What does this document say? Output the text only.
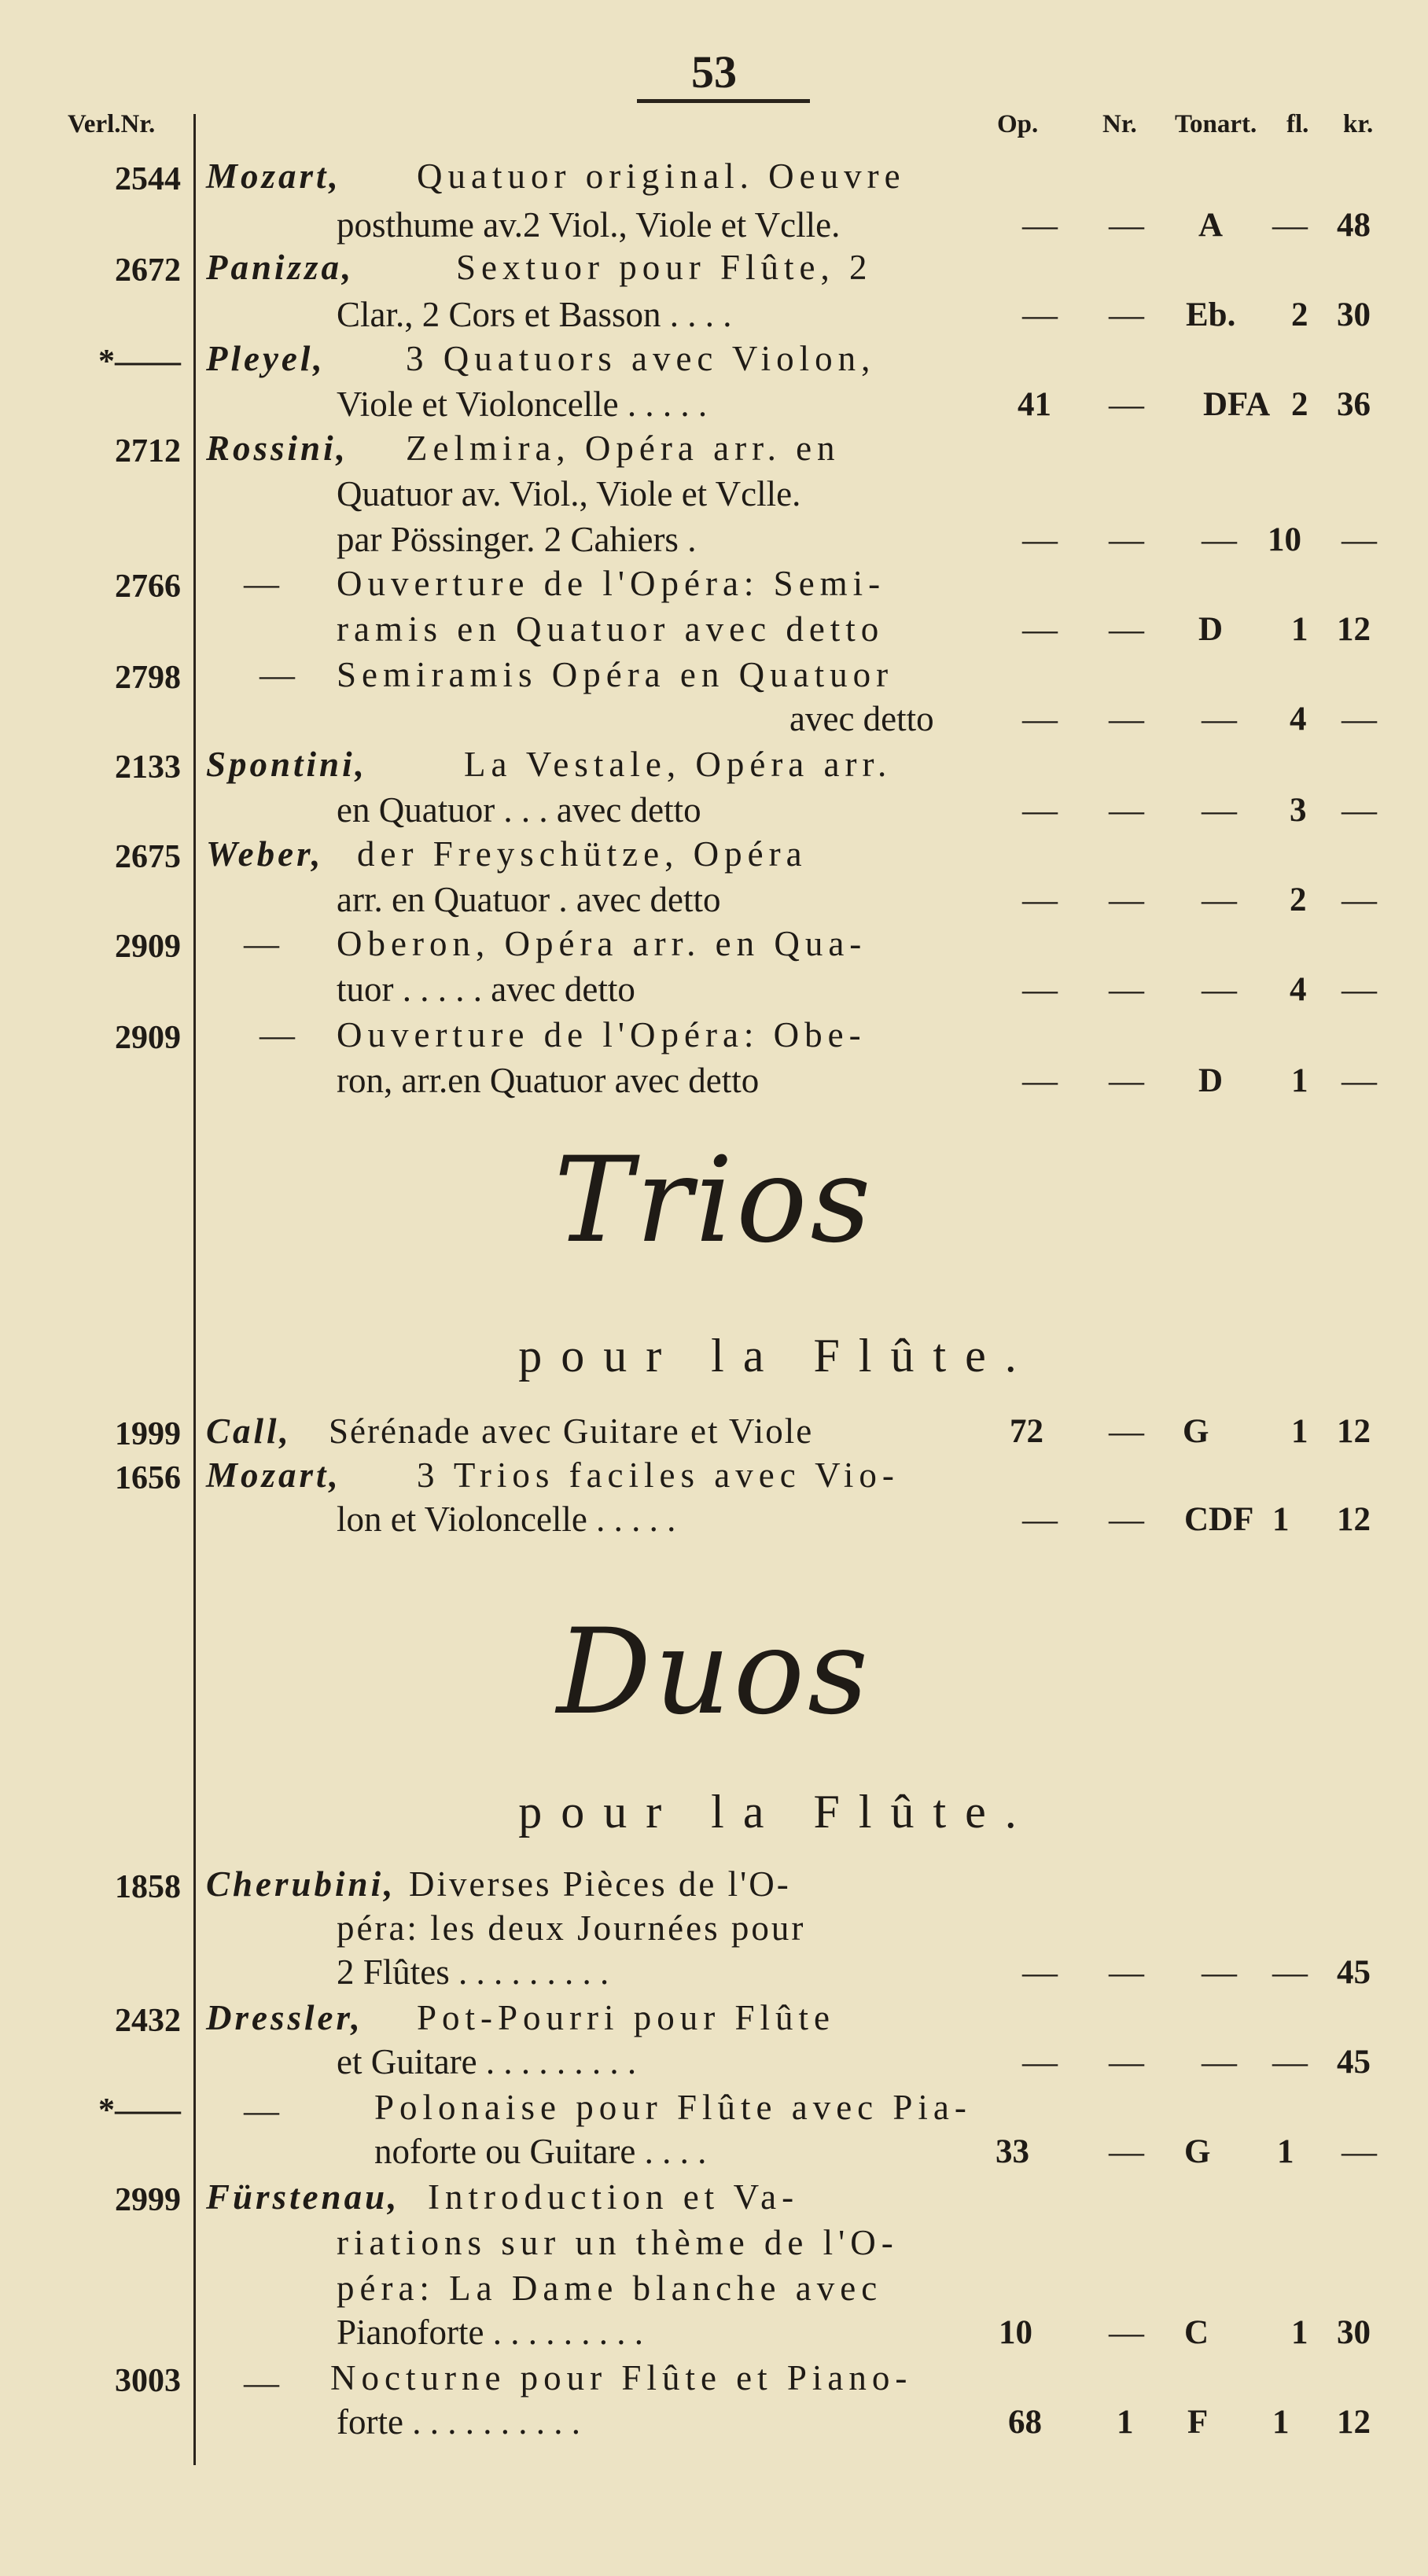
53
Verl.Nr.	Op. Nr. Tonart. fl. kr.
2544 Mozart, Quatuor original. Oeuvre
posthume av.2 Viol., Viole et Vclle.	— — A — 48
2672 Panizza,	Sextuor pour Flûte, 2
Clar., 2 Cors et Basson . . . .	— — Eb. 2 30
*—— Pleyel, 3 Quatuors avec Violon,
Viole et Violoncelle . . . . .	41 — DFA 2 36
2712 Rossini, Zelmira, Opéra arr. en
Quatuor av. Viol., Viole et Vclle.
par Pössinger. 2 Cahiers .	— — — 10 —
2766 — Ouverture de l'Opéra: Semi-
ramis en Quatuor avec detto	— — D 1 12
2798 — Semiramis Opéra en Quatuor
avec detto — — — 4 —
2133 Spontini,	La Vestale, Opéra arr.
en Quatuor . . . avec detto	— — — 3 —
2675 Weber, der Freyschütze, Opéra
arr. en Quatuor . avec detto	— — — 2 —
2909 — Oberon, Opéra arr. en Qua-
tuor . . . . . avec detto	— — — 4 —
2909 — Ouverture de l'Opéra: Obe-
ron, arr.en Quatuor avec detto	— — D 1 —
Trios
pour la Flûte.
1999 Call, Sérénade avec Guitare et Viole	72 — G 1 12
1656 Mozart, 3 Trios faciles avec Vio-
lon et Violoncelle . . . . .	— — CDF 1 12
Duos
pour la Flûte.
1858 Cherubini, Diverses Pièces de l'O-
péra: les deux Journées pour
2 Flûtes . . . . . . . . .	— — — — 45
2432 Dressler, Pot-Pourri pour Flûte
et Guitare . . . . . . . . .	— — — — 45
*—— —	Polonaise pour Flûte avec Pia-
noforte ou Guitare . . . .	33 — G 1 —
2999 Fürstenau, Introduction et Va-
riations sur un thème de l'O-
péra: La Dame blanche avec
Pianoforte . . . . . . . . .	10 — C 1 30
3003 — Nocturne pour Flûte et Piano-
forte . . . . . . . . . .	68 1 F 1 12
